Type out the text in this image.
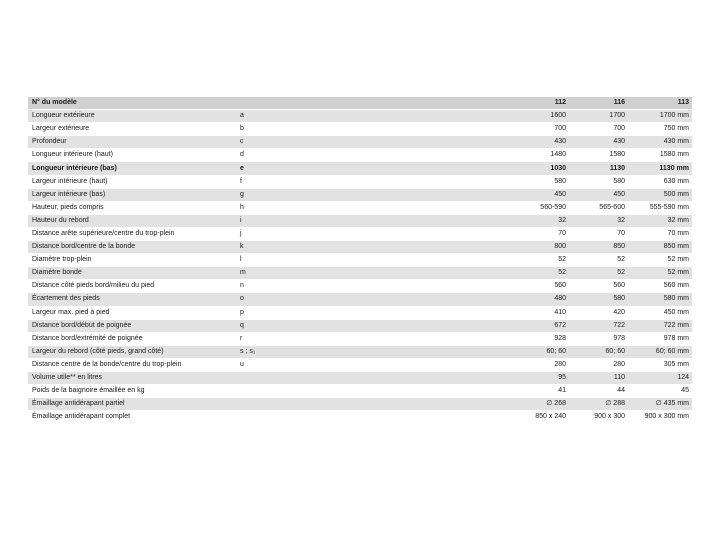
N° du modèle		112	116	113
Longueur extérieure	a	1600	1700	1700 mm
Largeur extérieure	b	700	700	750 mm
Profondeur	c	430	430	430 mm
Longueur intérieure (haut)	d	1480	1580	1580 mm
Longueur intérieure (bas)	e	1030	1130	1130 mm
Largeur intérieure (haut)	f	580	580	630 mm
Largeur intérieure (bas)	g	450	450	500 mm
Hauteur, pieds compris	h	560-590	565-600	555-590 mm
Hauteur du rebord	i	32	32	32 mm
Distance arête supérieure/centre du trop-plein	j	70	70	70 mm
Distance bord/centre de la bonde	k	800	850	850 mm
Diamètre trop-plein	l	52	52	52 mm
Diamètre bonde	m	52	52	52 mm
Distance côté pieds bord/milieu du pied	n	560	560	560 mm
Écartement des pieds	o	480	580	580 mm
Largeur max. pied à pied	p	410	420	450 mm
Distance bord/début de poignée	q	672	722	722 mm
Distance bord/extrémité de poignée	r	928	978	978 mm
Largeur du rebord (côté pieds, grand côté)	s ; s₁	60; 60	60; 60	60; 60 mm
Distance centre de la bonde/centre du trop-plein	u	280	280	305 mm
Volume utile** en litres		95	110	124
Poids de la baignoire émaillée en kg		41	44	45
Émaillage antidérapant partiel		∅ 268	∅ 288	∅ 435 mm
Émaillage antidérapant complet		850 x 240	900 x 300	900 x 300 mm
